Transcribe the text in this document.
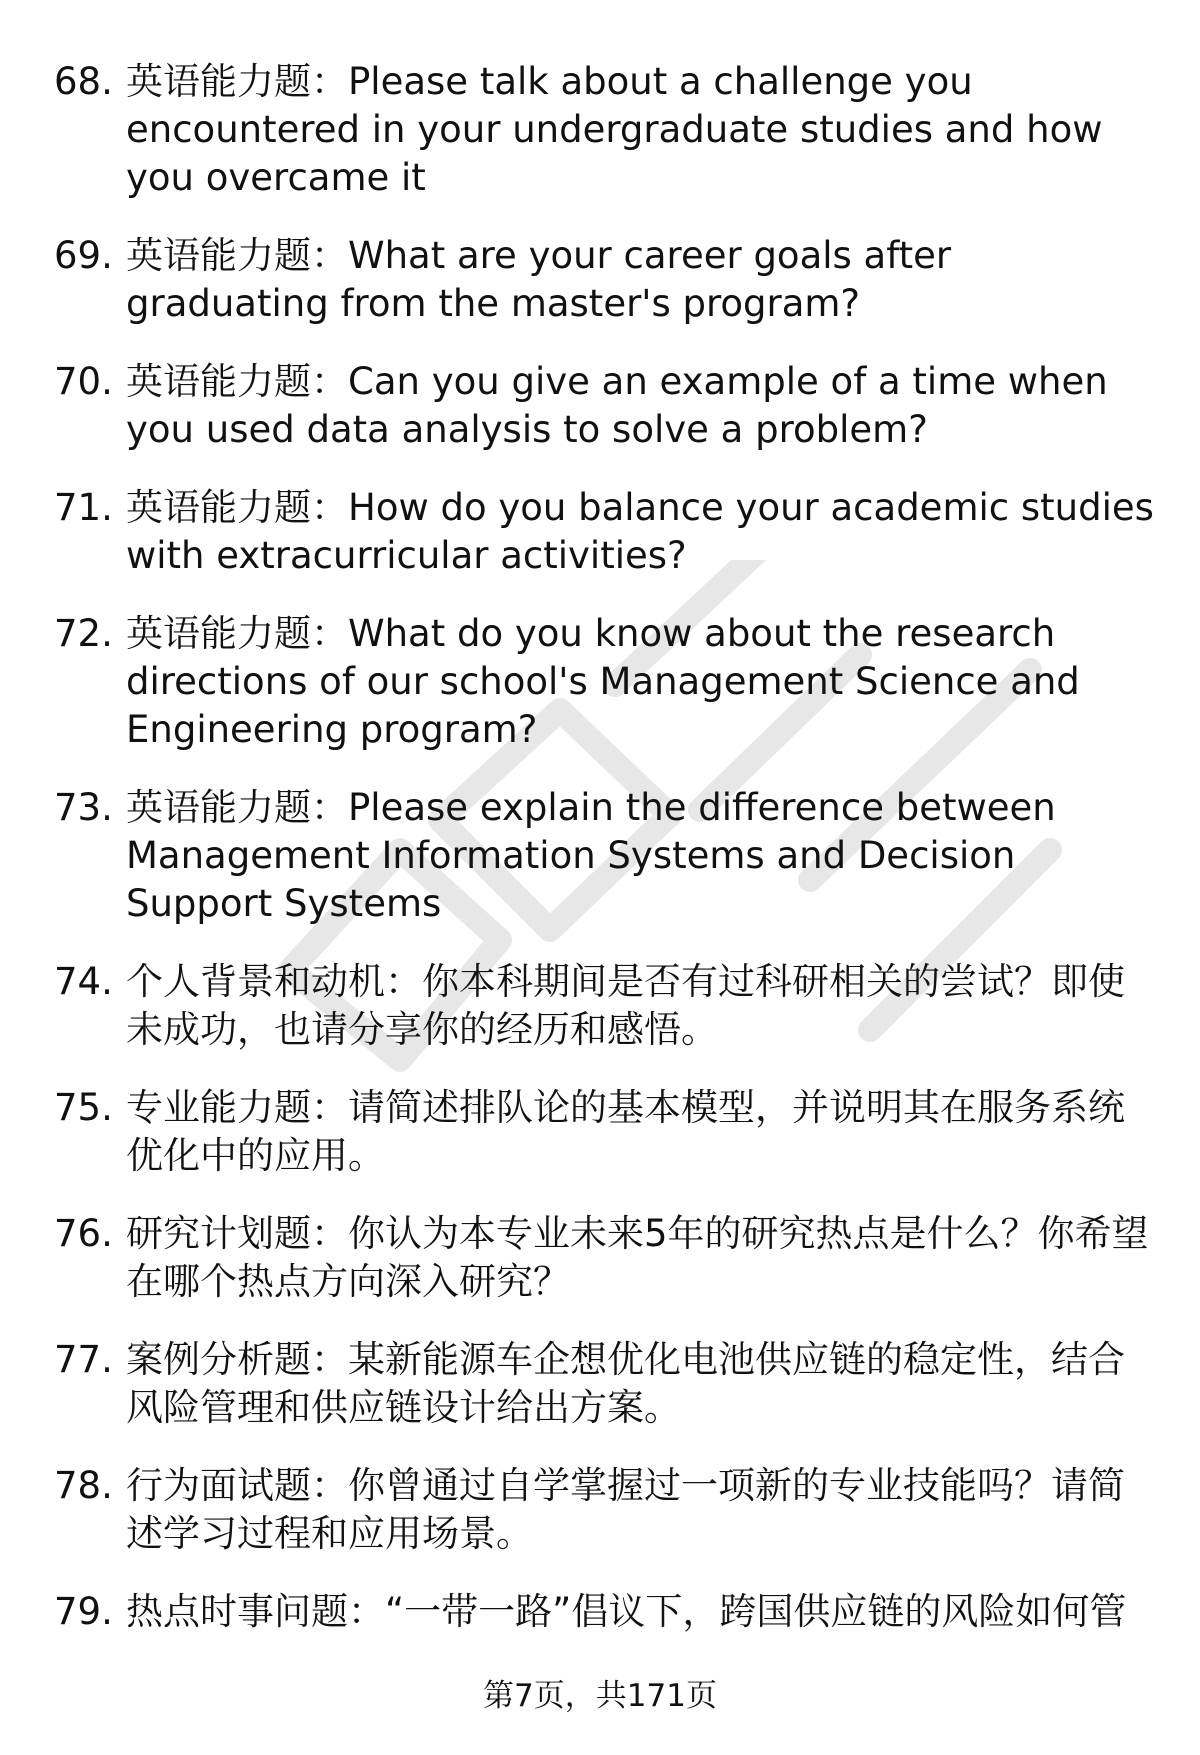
68. 英语能力题：Please talk about a challenge you encountered in your undergraduate studies and how you overcame it
69. 英语能力题：What are your career goals after graduating from the master's program?
70. 英语能力题：Can you give an example of a time when you used data analysis to solve a problem?
71. 英语能力题：How do you balance your academic studies with extracurricular activities?
72. 英语能力题：What do you know about the research directions of our school's Management Science and Engineering program?
73. 英语能力题：Please explain the difference between Management Information Systems and Decision Support Systems
74. 个人背景和动机：你本科期间是否有过科研相关的尝试？即使未成功，也请分享你的经历和感悟。
75. 专业能力题：请简述排队论的基本模型，并说明其在服务系统优化中的应用。
76. 研究计划题：你认为本专业未来5年的研究热点是什么？你希望在哪个热点方向深入研究？
77. 案例分析题：某新能源车企想优化电池供应链的稳定性，结合风险管理和供应链设计给出方案。
78. 行为面试题：你曾通过自学掌握过一项新的专业技能吗？请简述学习过程和应用场景。
79. 热点时事问题：“一带一路”倡议下，跨国供应链的风险如何管
第7页，共171页
